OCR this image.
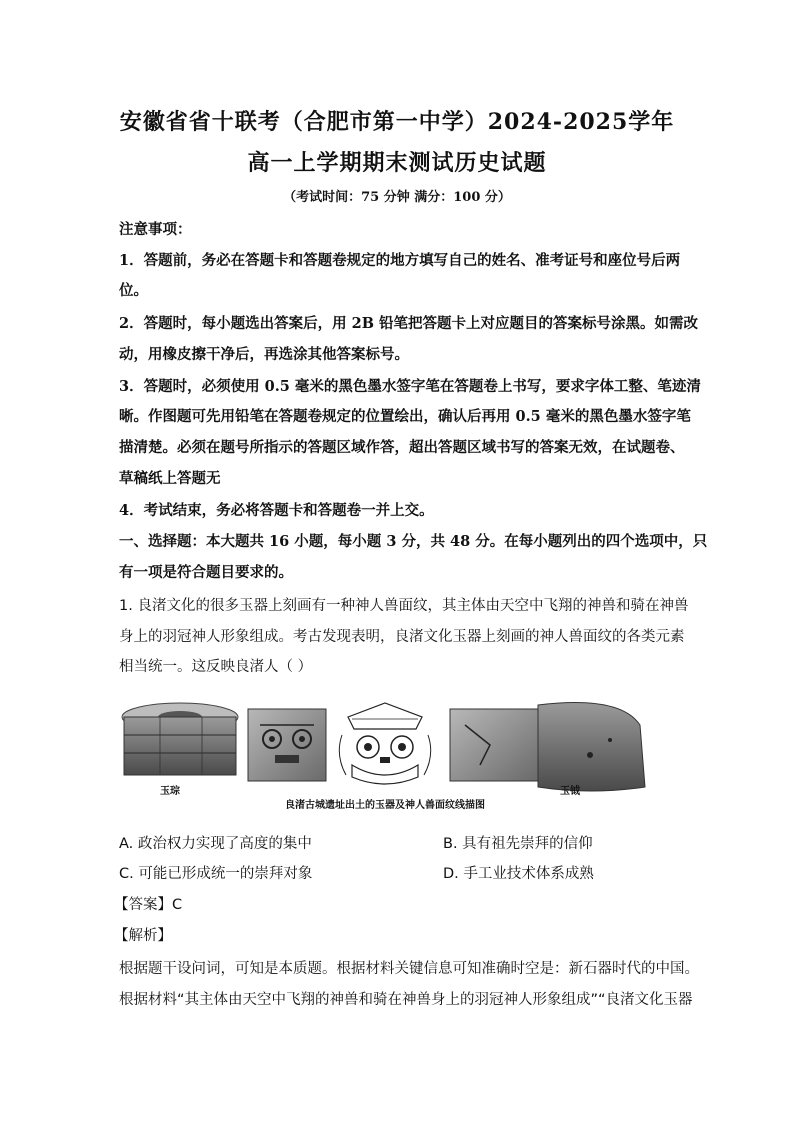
安徽省省十联考（合肥市第一中学）2024-2025学年
高一上学期期末测试历史试题
（考试时间：75 分钟 满分：100 分）
注意事项：
1．答题前，务必在答题卡和答题卷规定的地方填写自己的姓名、准考证号和座位号后两
位。
2．答题时，每小题选出答案后，用 2B 铅笔把答题卡上对应题目的答案标号涂黑。如需改
动，用橡皮擦干净后，再选涂其他答案标号。
3．答题时，必须使用 0.5 毫米的黑色墨水签字笔在答题卷上书写，要求字体工整、笔迹清
晰。作图题可先用铅笔在答题卷规定的位置绘出，确认后再用 0.5 毫米的黑色墨水签字笔
描清楚。必须在题号所指示的答题区域作答，超出答题区域书写的答案无效，在试题卷、
草稿纸上答题无
4．考试结束，务必将答题卡和答题卷一并上交。
一、选择题：本大题共 16 小题，每小题 3 分，共 48 分。在每小题列出的四个选项中，只
有一项是符合题目要求的。
1. 良渚文化的很多玉器上刻画有一种神人兽面纹，其主体由天空中飞翔的神兽和骑在神兽
身上的羽冠神人形象组成。考古发现表明，良渚文化玉器上刻画的神人兽面纹的各类元素
相当统一。这反映良渚人（ ）
玉琮	玉钺
良渚古城遗址出土的玉器及神人兽面纹线描图
A. 政治权力实现了高度的集中	B. 具有祖先崇拜的信仰
C. 可能已形成统一的崇拜对象	D. 手工业技术体系成熟
【答案】C
【解析】
根据题干设问词，可知是本质题。根据材料关键信息可知准确时空是：新石器时代的中国。
根据材料“其主体由天空中飞翔的神兽和骑在神兽身上的羽冠神人形象组成”“良渚文化玉器
